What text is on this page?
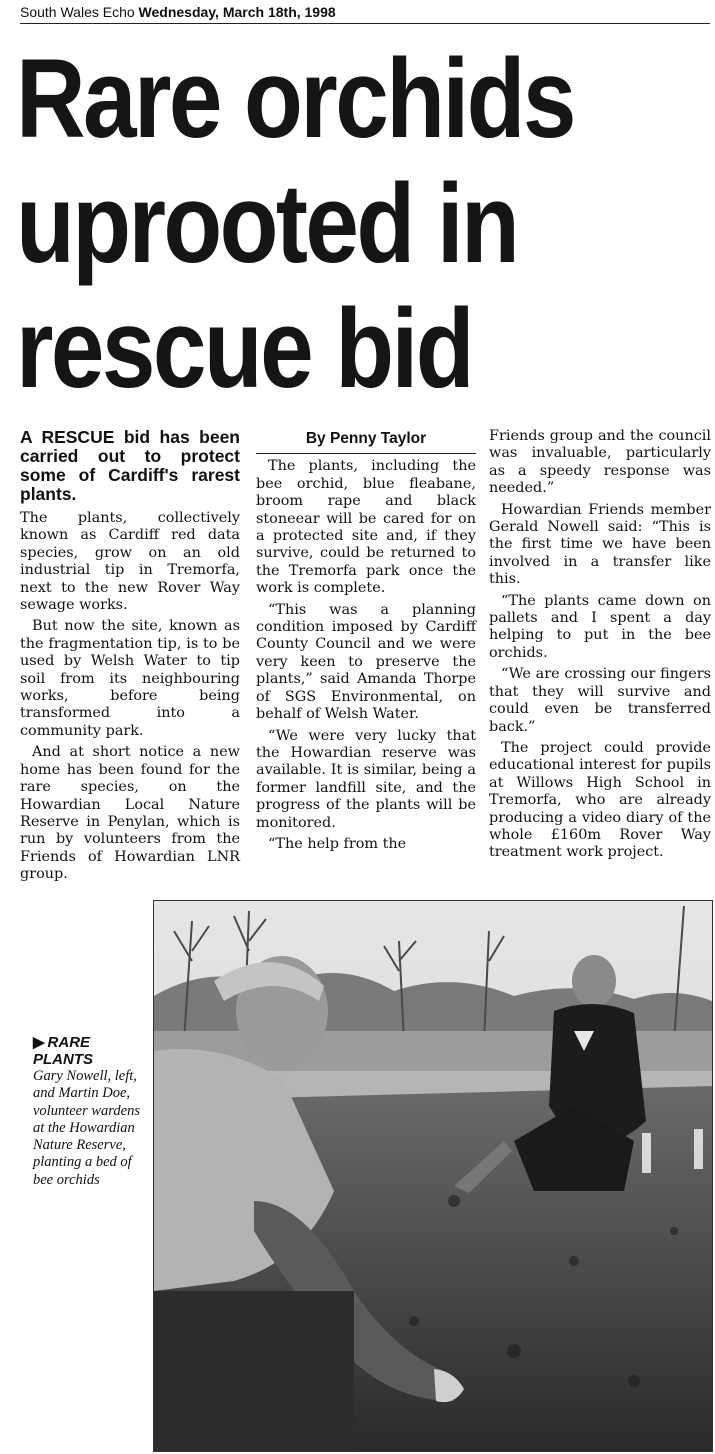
South Wales Echo Wednesday, March 18th, 1998
Rare orchids
uprooted in
rescue bid
A RESCUE bid has been carried out to protect some of Cardiff's rarest plants.

The plants, collectively known as Cardiff red data species, grow on an old industrial tip in Tremorfa, next to the new Rover Way sewage works.

But now the site, known as the fragmentation tip, is to be used by Welsh Water to tip soil from its neighbouring works, before being transformed into a community park.

And at short notice a new home has been found for the rare species, on the Howardian Local Nature Reserve in Penylan, which is run by volunteers from the Friends of Howardian LNR group.

By Penny Taylor

The plants, including the bee orchid, blue fleabane, broom rape and black stoneear will be cared for on a protected site and, if they survive, could be returned to the Tremorfa park once the work is complete.

“This was a planning condition imposed by Cardiff County Council and we were very keen to preserve the plants,” said Amanda Thorpe of SGS Environmental, on behalf of Welsh Water.

“We were very lucky that the Howardian reserve was available. It is similar, being a former landfill site, and the progress of the plants will be monitored.

“The help from the

Friends group and the council was invaluable, particularly as a speedy response was needed.”

Howardian Friends member Gerald Nowell said: “This is the first time we have been involved in a transfer like this.

“The plants came down on pallets and I spent a day helping to put in the bee orchids.

“We are crossing our fingers that they will survive and could even be transferred back.”

The project could provide educational interest for pupils at Willows High School in Tremorfa, who are already producing a video diary of the whole £160m Rover Way treatment work project.

▶ RARE PLANTS
Gary Nowell, left, and Martin Doe, volunteer wardens at the Howardian Nature Reserve, planting a bed of bee orchids
